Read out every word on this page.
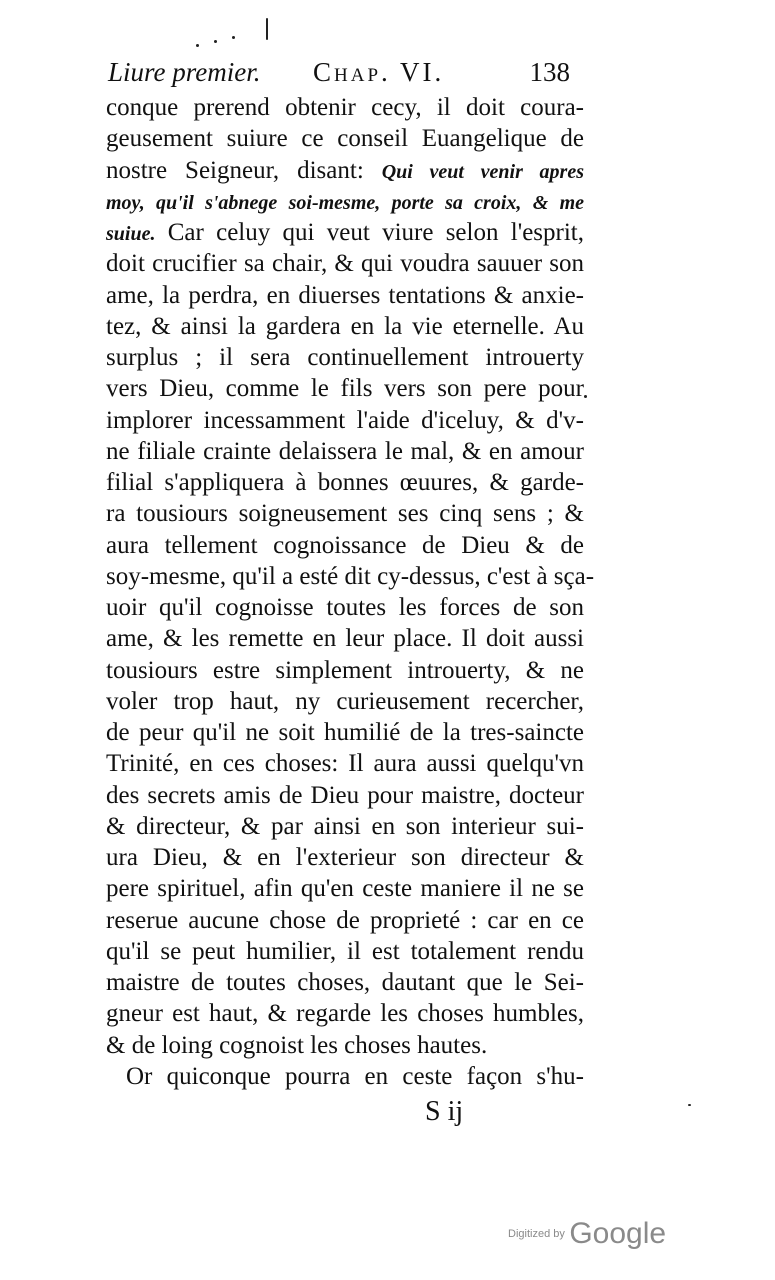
Liure premier. Chap. VI.	138
conque prerend obtenir cecy, il doit coura-
geusement suiure ce conseil Euangelique de
nostre Seigneur, disant: Qui veut venir apres
moy, qu'il s'abnege soi-mesme, porte sa croix, & me
suiue. Car celuy qui veut viure selon l'esprit,
doit crucifier sa chair, & qui voudra sauuer son
ame, la perdra, en diuerses tentations & anxie-
tez, & ainsi la gardera en la vie eternelle. Au
surplus ; il sera continuellement introuerty
vers Dieu, comme le fils vers son pere pour
implorer incessamment l'aide d'iceluy, & d'v-
ne filiale crainte delaissera le mal, & en amour
filial s'appliquera à bonnes œuures, & garde-
ra tousiours soigneusement ses cinq sens ; &
aura tellement cognoissance de Dieu & de
soy-mesme, qu'il a esté dit cy-dessus, c'est à sça-
uoir qu'il cognoisse toutes les forces de son
ame, & les remette en leur place. Il doit aussi
tousiours estre simplement introuerty, & ne
voler trop haut, ny curieusement recercher,
de peur qu'il ne soit humilié de la tres-saincte
Trinité, en ces choses: Il aura aussi quelqu'vn
des secrets amis de Dieu pour maistre, docteur
& directeur, & par ainsi en son interieur sui-
ura Dieu, & en l'exterieur son directeur &
pere spirituel, afin qu'en ceste maniere il ne se
reserue aucune chose de proprieté : car en ce
qu'il se peut humilier, il est totalement rendu
maistre de toutes choses, dautant que le Sei-
gneur est haut, & regarde les choses humbles,
& de loing cognoist les choses hautes.
Or quiconque pourra en ceste façon s'hu-
S ij
Digitized by Google
